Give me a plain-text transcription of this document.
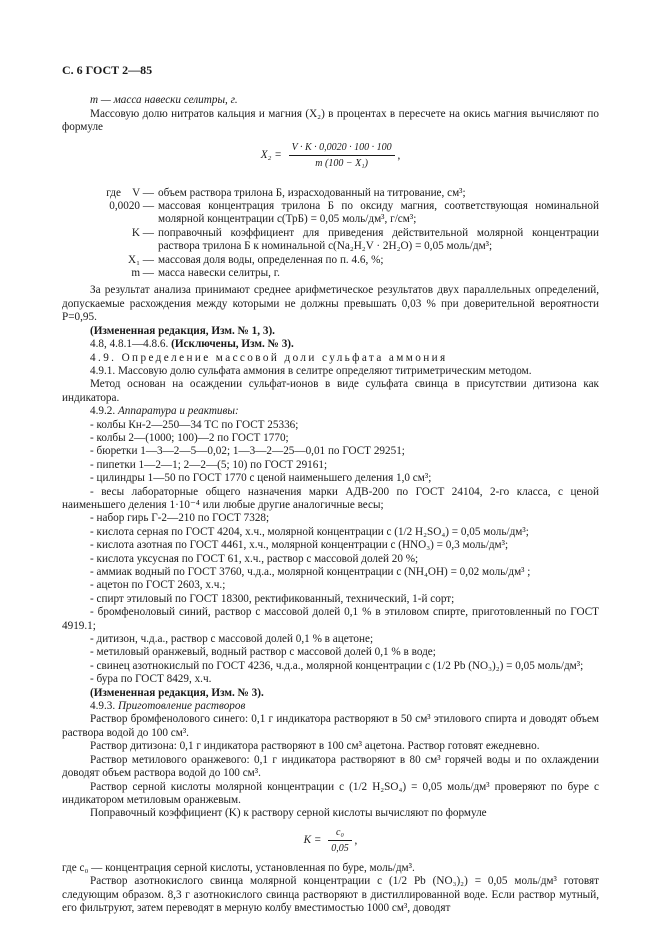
С. 6 ГОСТ 2—85

m — масса навески селитры, г.

Массовую долю нитратов кальция и магния (X₂) в процентах в пересчете на окись магния вычисляют по формуле

$X_2 = \frac{V \cdot K \cdot 0,0020 \cdot 100 \cdot 100}{\text{m (100 − X₁)}}$ ,
где    V — объем раствора трилона Б, израсходованный на титрование, см³;
0,0020 — массовая концентрация трилона Б по оксиду магния, соответствующая номинальной молярной концентрации c(ТрБ) = 0,05 моль/дм³, г/см³;
K — поправочный коэффициент для приведения действительной молярной концентрации раствора трилона Б к номинальной c(Na₂H₂V · 2H₂O) = 0,05 моль/дм³;
X₁ — массовая доля воды, определенная по п. 4.6, %;
m — масса навески селитры, г.

За результат анализа принимают среднее арифметическое результатов двух параллельных определений, допускаемые расхождения между которыми не должны превышать 0,03 % при доверительной вероятности P=0,95.

(Измененная редакция, Изм. № 1, 3).

4.8, 4.8.1—4.8.6. (Исключены, Изм. № 3).

4.9. Определение массовой доли сульфата аммония

4.9.1. Массовую долю сульфата аммония в селитре определяют титриметрическим методом.

Метод основан на осаждении сульфат-ионов в виде сульфата свинца в присутствии дитизона как индикатора.

4.9.2. Аппаратура и реактивы:

- колбы Кн-2—250—34 ТС по ГОСТ 25336;

- колбы 2—(1000; 100)—2 по ГОСТ 1770;

- бюретки 1—3—2—5—0,02; 1—3—2—25—0,01 по ГОСТ 29251;

- пипетки 1—2—1; 2—2—(5; 10) по ГОСТ 29161;

- цилиндры 1—50 по ГОСТ 1770 с ценой наименьшего деления 1,0 см³;

- весы лабораторные общего назначения марки АДВ-200 по ГОСТ 24104, 2-го класса, с ценой наименьшего деления 1·10⁻⁴ или любые другие аналогичные весы;

- набор гирь Г-2—210 по ГОСТ 7328;

- кислота серная по ГОСТ 4204, х.ч., молярной концентрации c (1/2 H₂SO₄) = 0,05 моль/дм³;

- кислота азотная по ГОСТ 4461, х.ч., молярной концентрации c (HNO₃) = 0,3 моль/дм³;

- кислота уксусная по ГОСТ 61, х.ч., раствор с массовой долей 20 %;

- аммиак водный по ГОСТ 3760, ч.д.а., молярной концентрации c (NH₄OH) = 0,02 моль/дм³ ;

- ацетон по ГОСТ 2603, х.ч.;

- спирт этиловый по ГОСТ 18300, ректификованный, технический, 1-й сорт;

- бромфеноловый синий, раствор с массовой долей 0,1 % в этиловом спирте, приготовленный по ГОСТ 4919.1;

- дитизон, ч.д.а., раствор с массовой долей 0,1 % в ацетоне;

- метиловый оранжевый, водный раствор с массовой долей 0,1 % в воде;

- свинец азотнокислый по ГОСТ 4236, ч.д.а., молярной концентрации c (1/2 Pb (NO₃)₂) = 0,05 моль/дм³;

- бура по ГОСТ 8429, х.ч.

(Измененная редакция, Изм. № 3).

4.9.3. Приготовление растворов

Раствор бромфенолового синего: 0,1 г индикатора растворяют в 50 см³ этилового спирта и доводят объем раствора водой до 100 см³.

Раствор дитизона: 0,1 г индикатора растворяют в 100 см³ ацетона. Раствор готовят ежедневно.

Раствор метилового оранжевого: 0,1 г индикатора растворяют в 80 см³ горячей воды и по охлаждении доводят объем раствора водой до 100 см³.

Раствор серной кислоты молярной концентрации c (1/2 H₂SO₄) = 0,05 моль/дм³ проверяют по буре с индикатором метиловым оранжевым.

Поправочный коэффициент (K) к раствору серной кислоты вычисляют по формуле

$K = \frac{\text{c₀}}{0,05}$ ,

где c₀ — концентрация серной кислоты, установленная по буре, моль/дм³.

Раствор азотнокислого свинца молярной концентрации c (1/2 Pb (NO₃)₂) = 0,05 моль/дм³ готовят следующим образом. 8,3 г азотнокислого свинца растворяют в дистиллированной воде. Если раствор мутный, его фильтруют, затем переводят в мерную колбу вместимостью 1000 см³, доводят
